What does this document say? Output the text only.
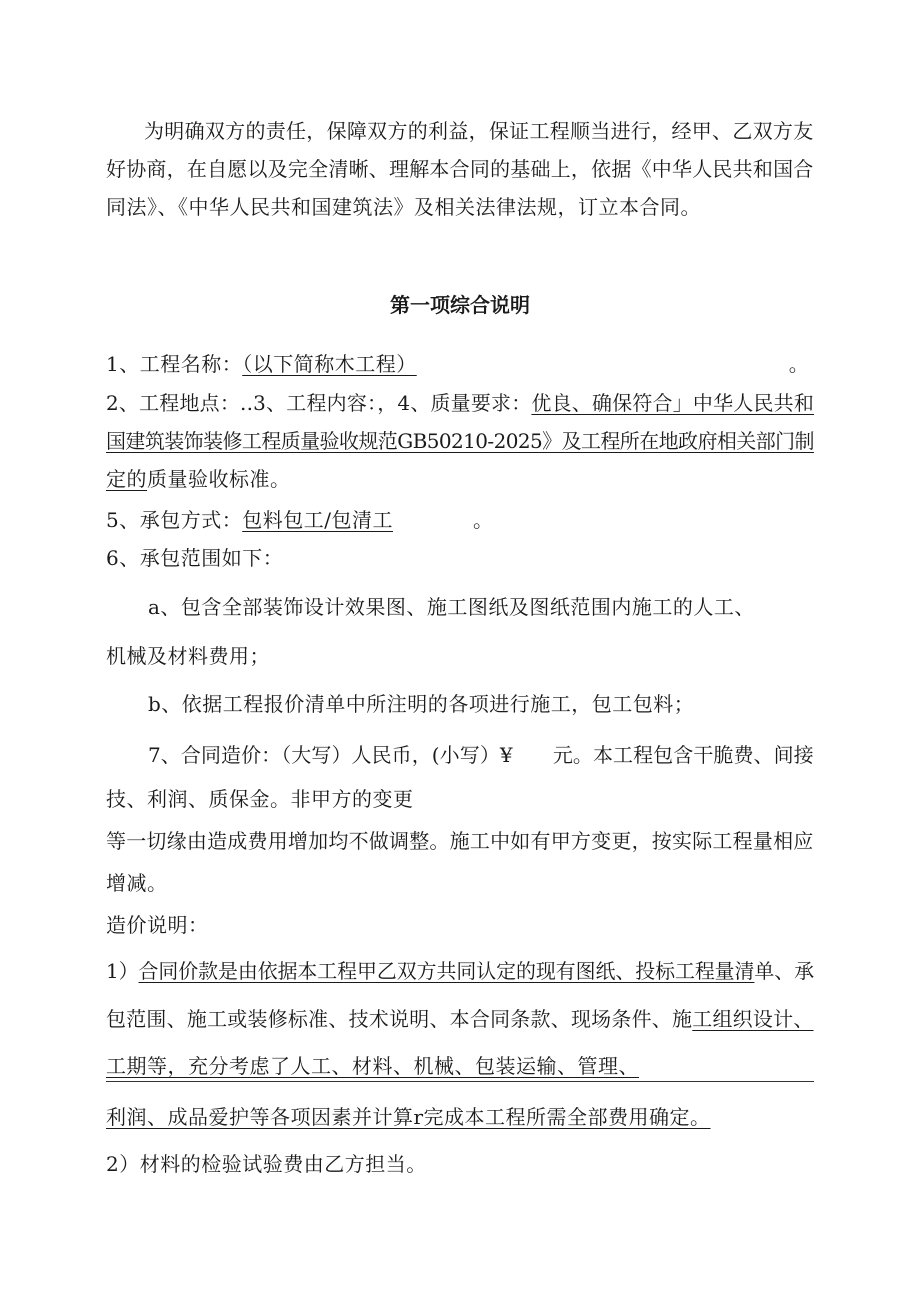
为明确双方的责任，保障双方的利益，保证工程顺当进行，经甲、乙双方友
好协商，在自愿以及完全清晰、理解本合同的基础上，依据《中华人民共和国合
同法》、《中华人民共和国建筑法》及相关法律法规，订立本合同。
第一项综合说明
1、工程名称：（以下简称木工程）	。
2、工程地点：..3、工程内容：，4、质量要求：优良、确保符合」中华人民共和
国建筑装饰装修工程质量验收规范GB50210-2025》及工程所在地政府相关部门制
定的质量验收标准。
5、承包方式：包料包工/包清工	。
6、承包范围如下：
a、包含全部装饰设计效果图、施工图纸及图纸范围内施工的人工、
机械及材料费用；
b、依据工程报价清单中所注明的各项进行施工，包工包料；
7、合同造价：（大写）人民币，(小写）¥　　元。本工程包含干脆费、间接
技、利润、质保金。非甲方的变更
等一切缘由造成费用增加均不做调整。施工中如有甲方变更，按实际工程量相应
增减。
造价说明：
1）合同价款是由依据本工程甲乙双方共同认定的现有图纸、投标工程量清单、承
包范围、施工或装修标准、技术说明、本合同条款、现场条件、施工组织设计、
工期等，充分考虑了人工、材料、机械、包装运输、管理、
利润、成品爱护等各项因素并计算r完成本工程所需全部费用确定。
2）材料的检验试验费由乙方担当。
